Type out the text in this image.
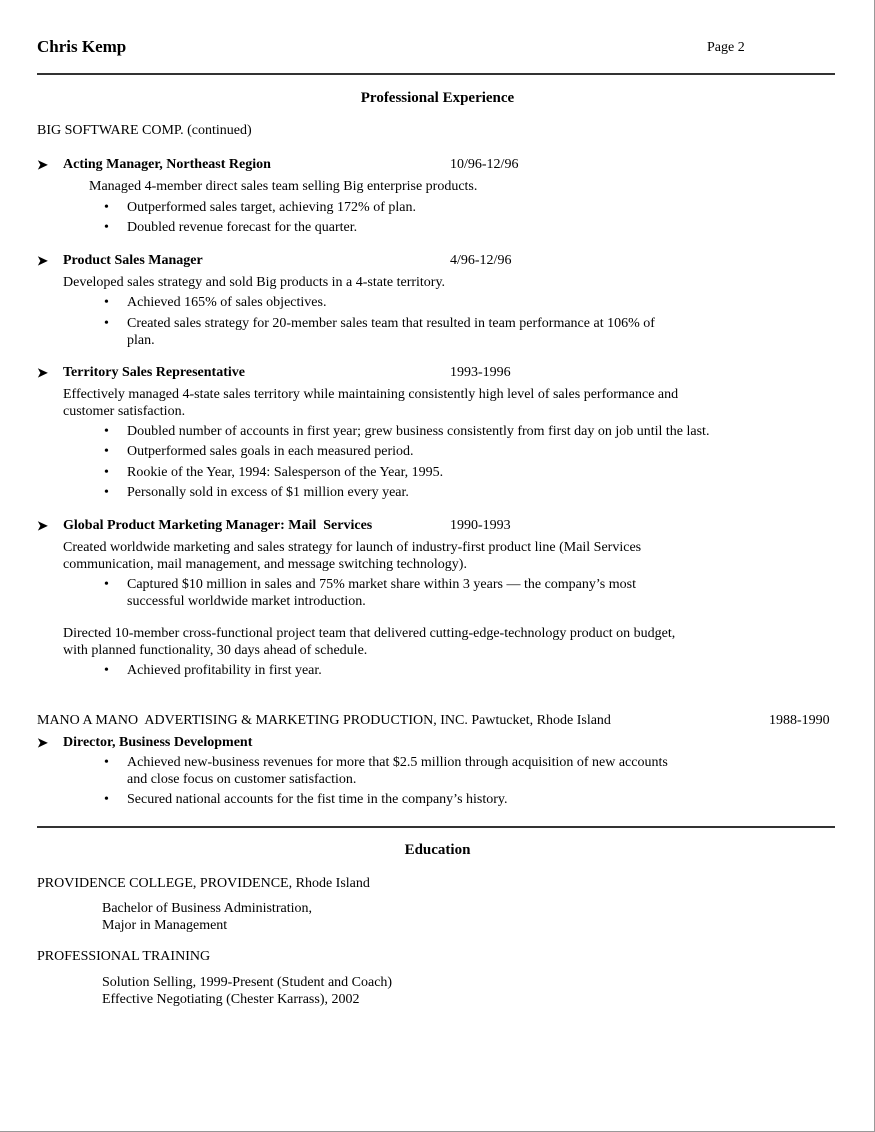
Chris Kemp	Page 2
Professional Experience
BIG SOFTWARE COMP. (continued)
➤ Acting Manager, Northeast Region	10/96-12/96
Managed 4-member direct sales team selling Big enterprise products.
• Outperformed sales target, achieving 172% of plan.
• Doubled revenue forecast for the quarter.
➤ Product Sales Manager	4/96-12/96
Developed sales strategy and sold Big products in a 4-state territory.
• Achieved 165% of sales objectives.
• Created sales strategy for 20-member sales team that resulted in team performance at 106% of
plan.
➤ Territory Sales Representative	1993-1996
Effectively managed 4-state sales territory while maintaining consistently high level of sales performance and
customer satisfaction.
• Doubled number of accounts in first year; grew business consistently from first day on job until the last.
• Outperformed sales goals in each measured period.
• Rookie of the Year, 1994: Salesperson of the Year, 1995.
• Personally sold in excess of $1 million every year.
➤ Global Product Marketing Manager: Mail  Services	1990-1993
Created worldwide marketing and sales strategy for launch of industry-first product line (Mail Services
communication, mail management, and message switching technology).
• Captured $10 million in sales and 75% market share within 3 years — the company’s most
successful worldwide market introduction.
Directed 10-member cross-functional project team that delivered cutting-edge-technology product on budget,
with planned functionality, 30 days ahead of schedule.
• Achieved profitability in first year.
MANO A MANO  ADVERTISING & MARKETING PRODUCTION, INC. Pawtucket, Rhode Island	1988-1990
➤ Director, Business Development
• Achieved new-business revenues for more that $2.5 million through acquisition of new accounts
and close focus on customer satisfaction.
• Secured national accounts for the fist time in the company’s history.
Education
PROVIDENCE COLLEGE, PROVIDENCE, Rhode Island
Bachelor of Business Administration,
Major in Management
PROFESSIONAL TRAINING
Solution Selling, 1999-Present (Student and Coach)
Effective Negotiating (Chester Karrass), 2002
